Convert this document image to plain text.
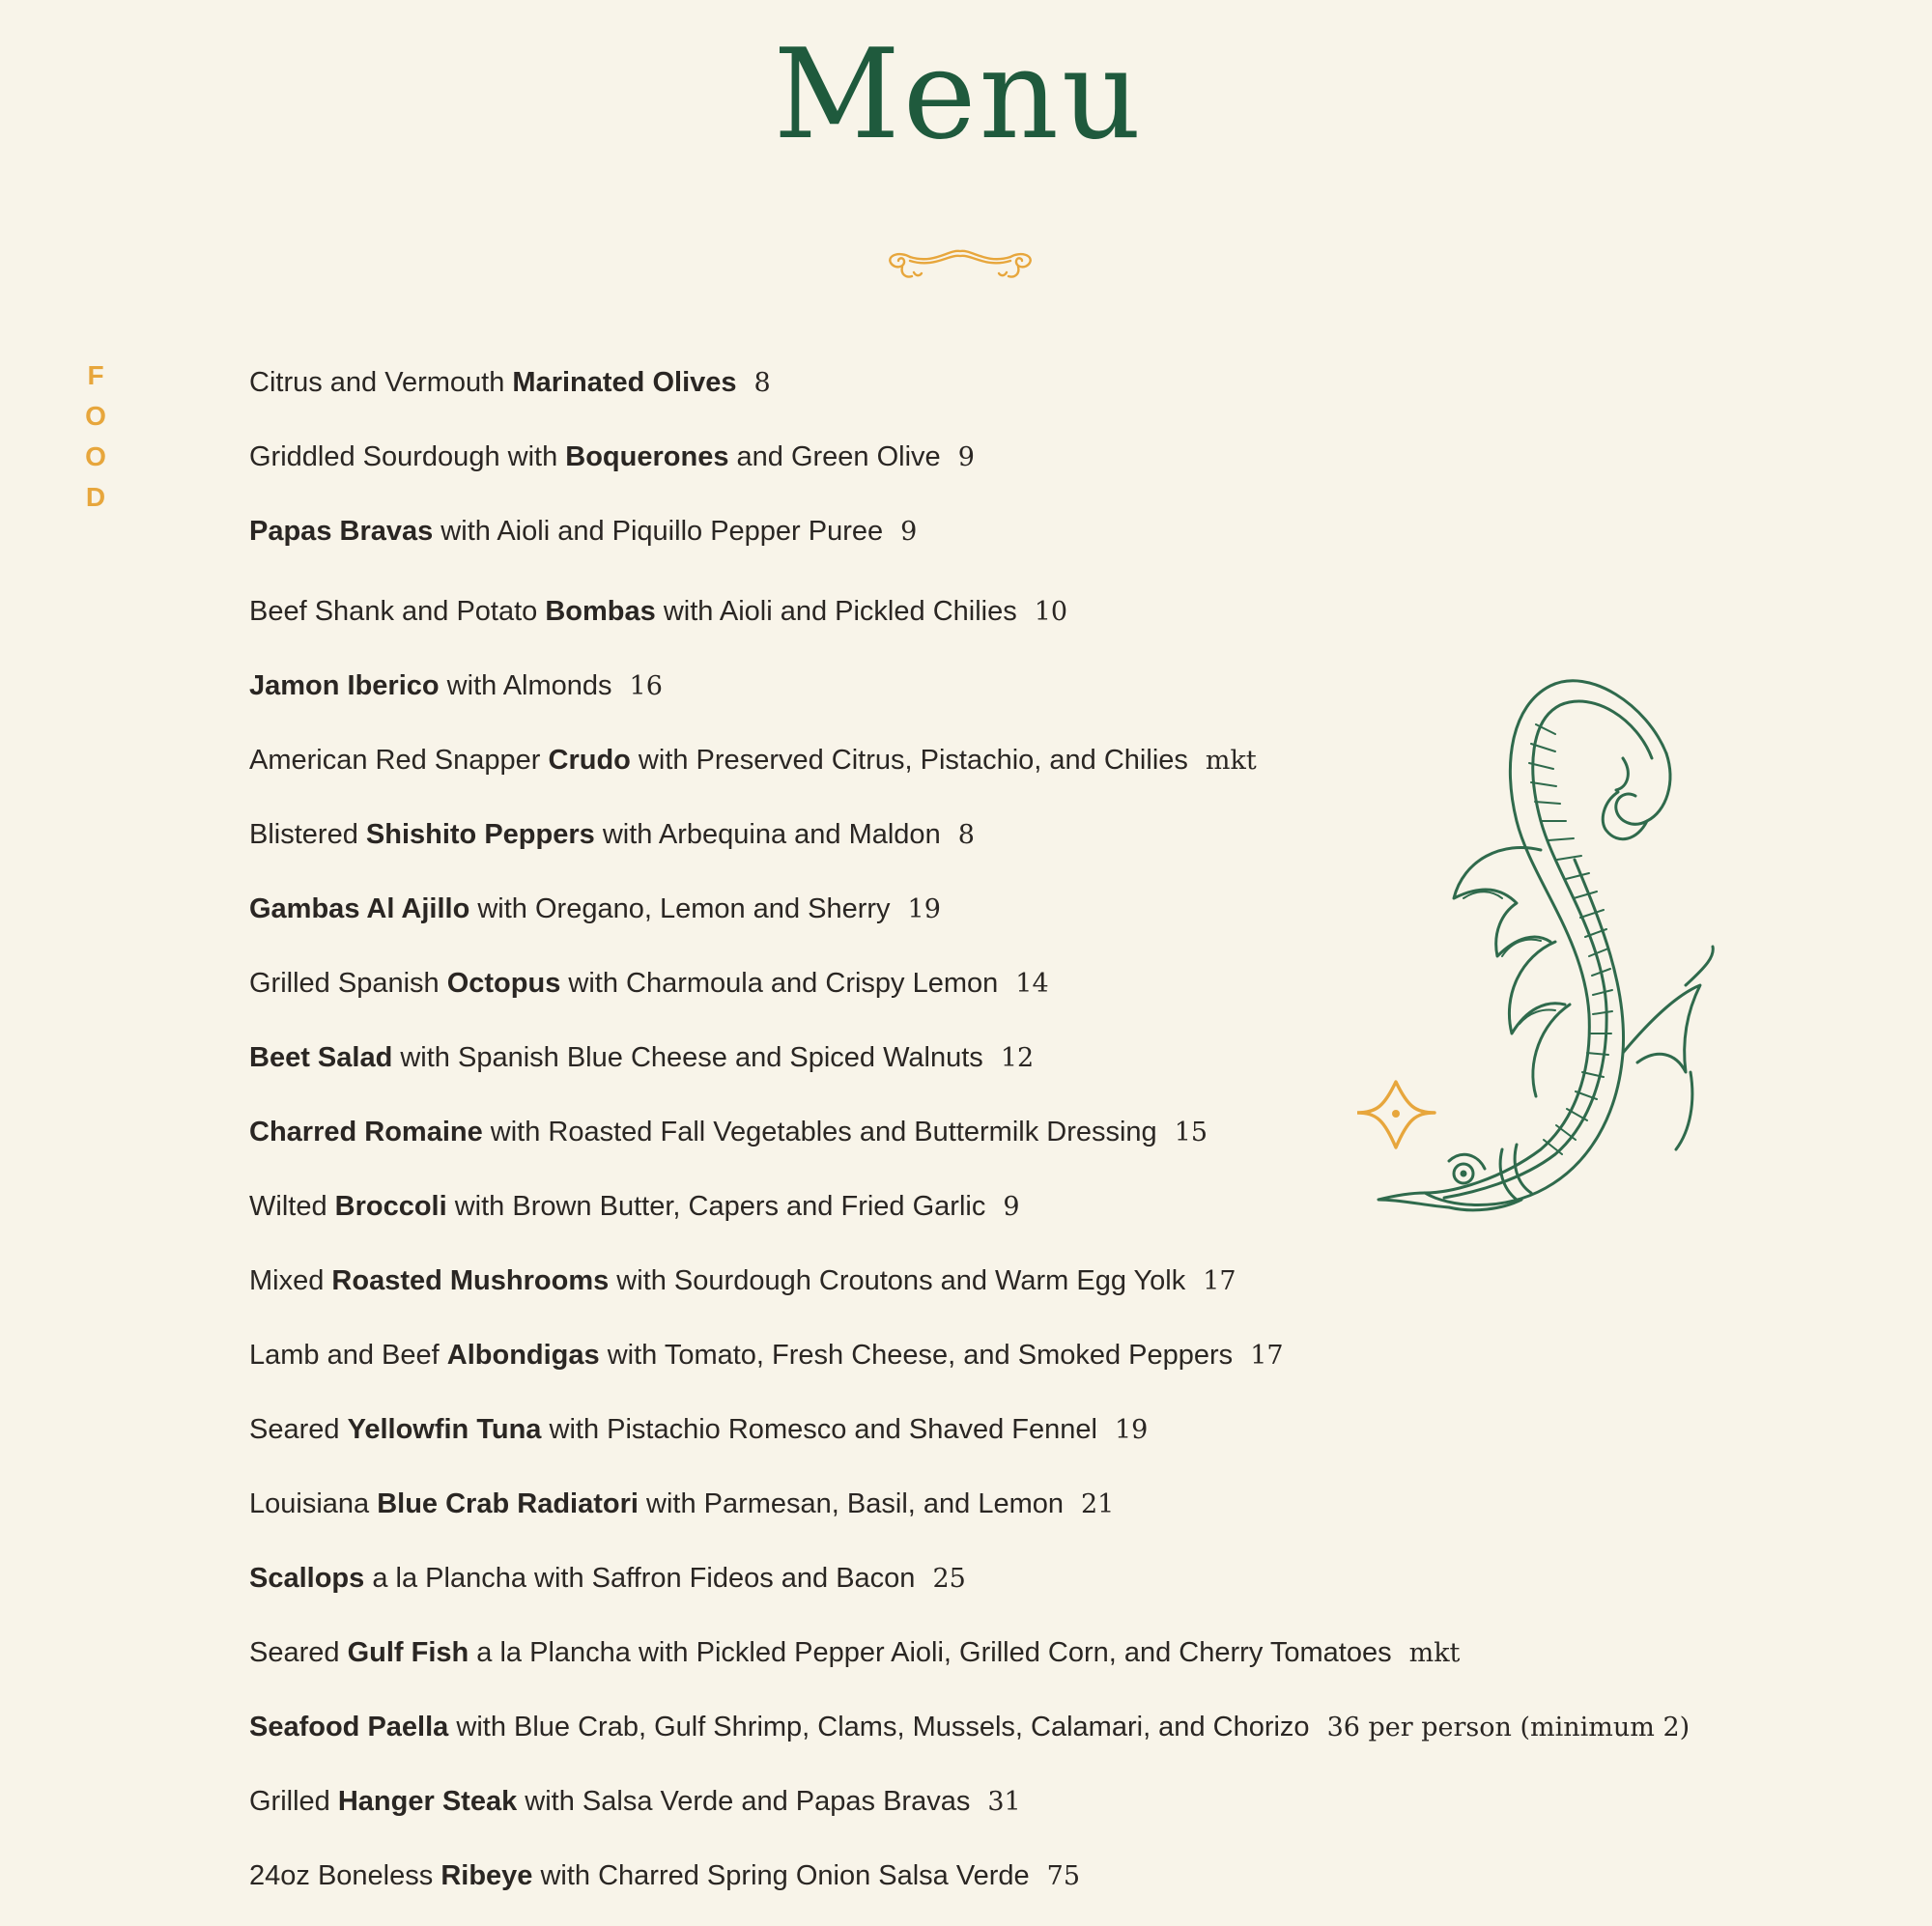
Menu
F
O
O
D
Citrus and Vermouth Marinated Olives 8
Griddled Sourdough with Boquerones and Green Olive 9
Papas Bravas with Aioli and Piquillo Pepper Puree 9
Beef Shank and Potato Bombas with Aioli and Pickled Chilies 10
Jamon Iberico with Almonds 16
American Red Snapper Crudo with Preserved Citrus, Pistachio, and Chilies mkt
Blistered Shishito Peppers with Arbequina and Maldon 8
Gambas Al Ajillo with Oregano, Lemon and Sherry 19
Grilled Spanish Octopus with Charmoula and Crispy Lemon 14
Beet Salad with Spanish Blue Cheese and Spiced Walnuts 12
Charred Romaine with Roasted Fall Vegetables and Buttermilk Dressing 15
Wilted Broccoli with Brown Butter, Capers and Fried Garlic 9
Mixed Roasted Mushrooms with Sourdough Croutons and Warm Egg Yolk 17
Lamb and Beef Albondigas with Tomato, Fresh Cheese, and Smoked Peppers 17
Seared Yellowfin Tuna with Pistachio Romesco and Shaved Fennel 19
Louisiana Blue Crab Radiatori with Parmesan, Basil, and Lemon 21
Scallops a la Plancha with Saffron Fideos and Bacon 25
Seared Gulf Fish a la Plancha with Pickled Pepper Aioli, Grilled Corn, and Cherry Tomatoes mkt
Seafood Paella with Blue Crab, Gulf Shrimp, Clams, Mussels, Calamari, and Chorizo 36 per person (minimum 2)
Grilled Hanger Steak with Salsa Verde and Papas Bravas 31
24oz Boneless Ribeye with Charred Spring Onion Salsa Verde 75
